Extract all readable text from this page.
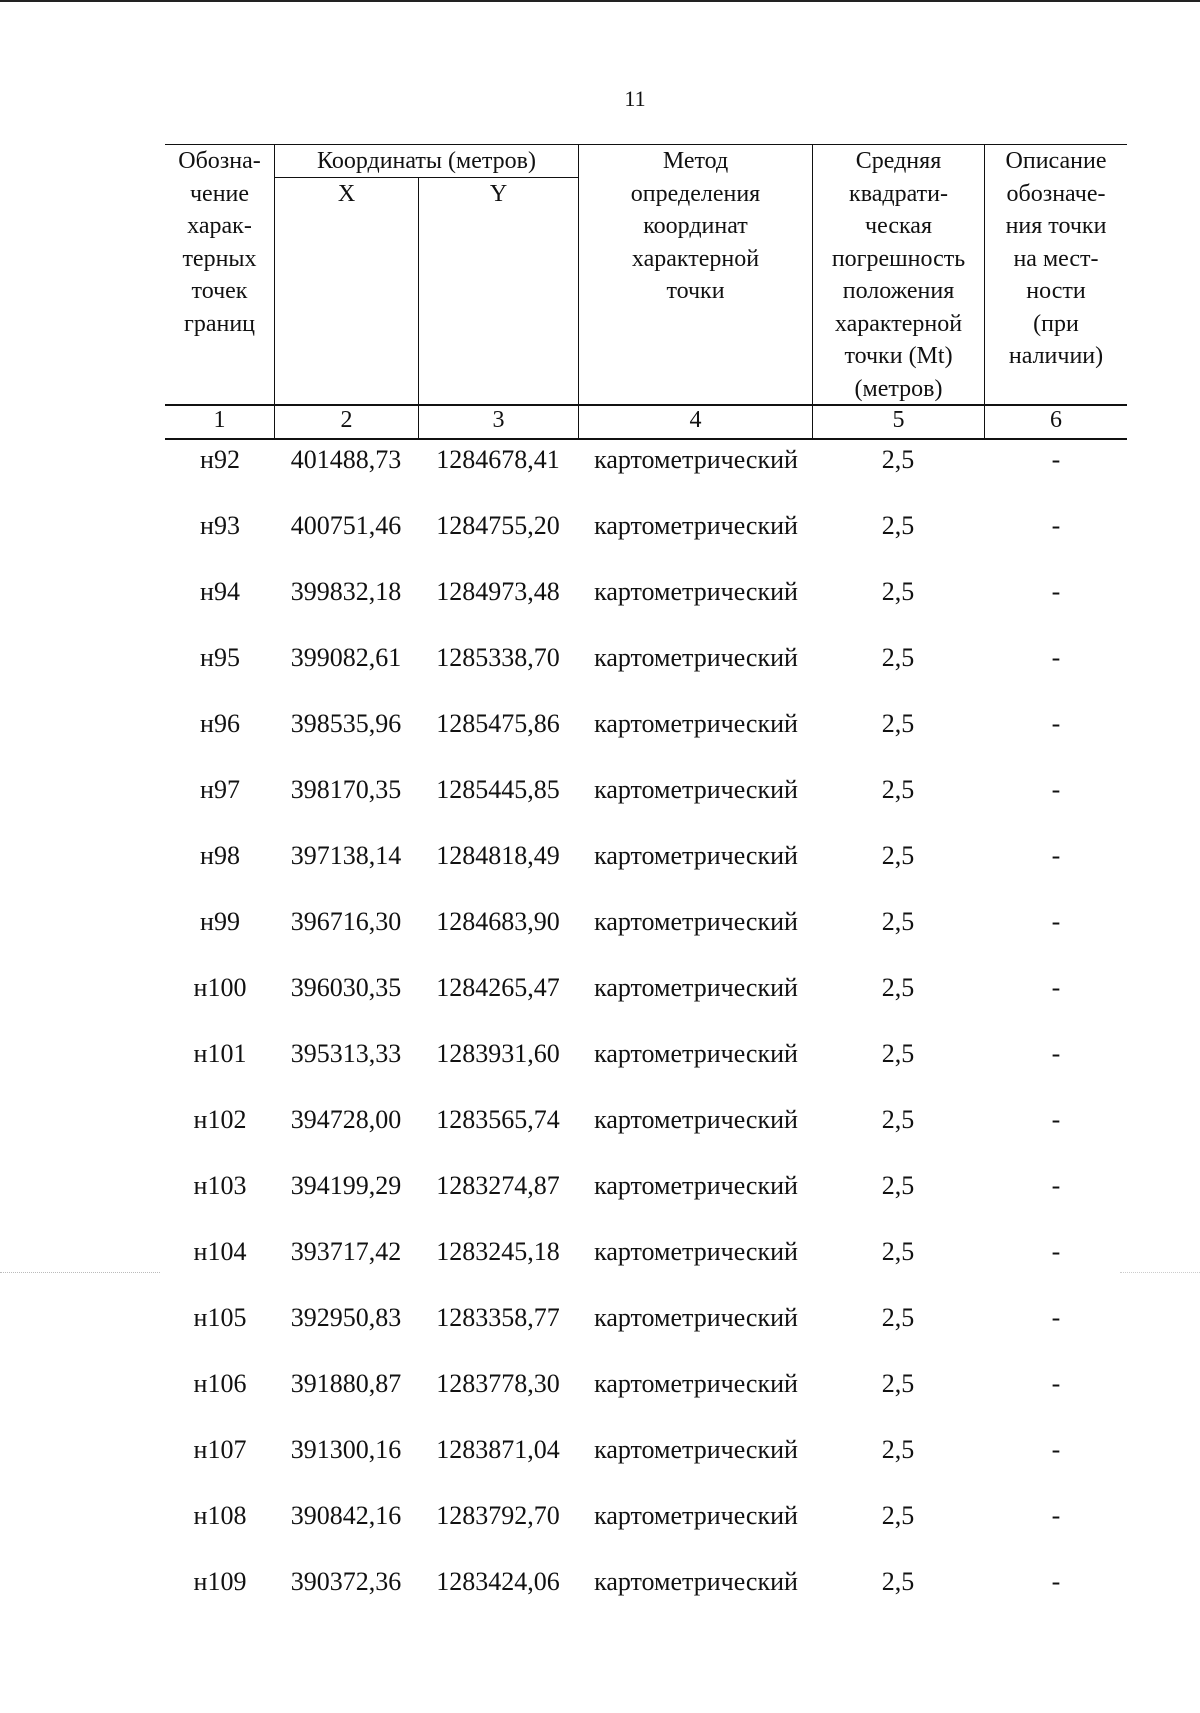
11
Обозна-
чение
харак-
терных
точек
границ
Координаты (метров)
X	Y
Метод
определения
координат
характерной
точки
Средняя
квадрати-
ческая
погрешность
положения
характерной
точки (Mt)
(метров)
Описание
обозначе-
ния точки
на мест-
ности
(при
наличии)
1	2	3	4	5	6
н92	401488,73	1284678,41	картометрический	2,5	-
н93	400751,46	1284755,20	картометрический	2,5	-
н94	399832,18	1284973,48	картометрический	2,5	-
н95	399082,61	1285338,70	картометрический	2,5	-
н96	398535,96	1285475,86	картометрический	2,5	-
н97	398170,35	1285445,85	картометрический	2,5	-
н98	397138,14	1284818,49	картометрический	2,5	-
н99	396716,30	1284683,90	картометрический	2,5	-
н100	396030,35	1284265,47	картометрический	2,5	-
н101	395313,33	1283931,60	картометрический	2,5	-
н102	394728,00	1283565,74	картометрический	2,5	-
н103	394199,29	1283274,87	картометрический	2,5	-
н104	393717,42	1283245,18	картометрический	2,5	-
н105	392950,83	1283358,77	картометрический	2,5	-
н106	391880,87	1283778,30	картометрический	2,5	-
н107	391300,16	1283871,04	картометрический	2,5	-
н108	390842,16	1283792,70	картометрический	2,5	-
н109	390372,36	1283424,06	картометрический	2,5	-
